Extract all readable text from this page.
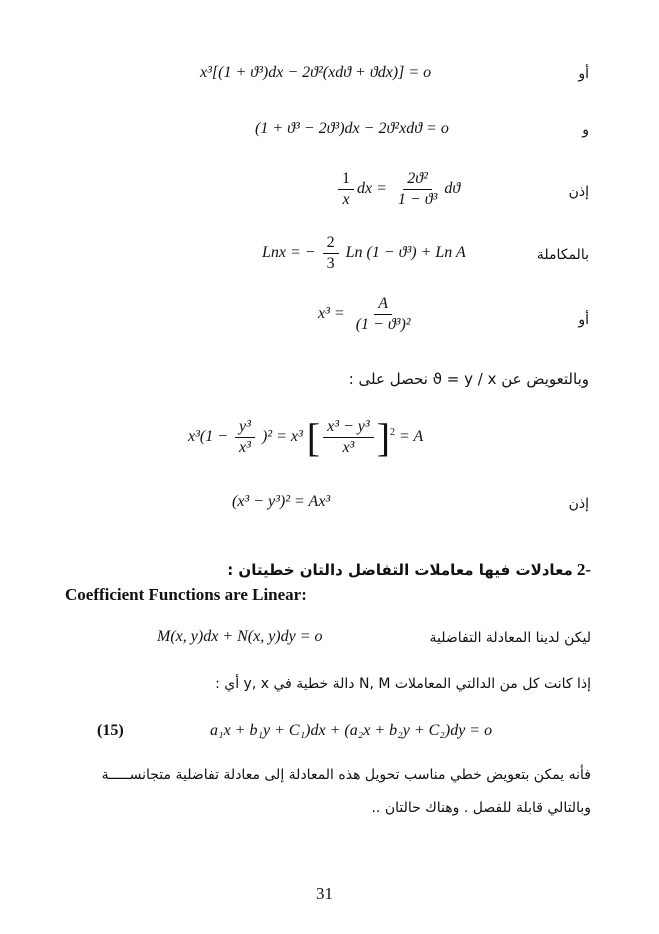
x³[(1 + ϑ³)dx − 2ϑ²(xdϑ + ϑdx)] = o	أو
(1 + ϑ³ − 2ϑ³)dx − 2ϑ²xdϑ = o	و
$\frac{1}{x}$ dx = $\frac{\text{2ϑ²}}{\text{1 − ϑ³}}$ dϑ	إذن
Lnx = − $\frac{2}{3}$ Ln (1 − ϑ³) + Ln A	بالمكاملة
$x^3 = \frac{A}{\text{(1 − ϑ³)²}}$	أو
وبالتعويض عن ϑ = y / x نحصل على :
$x^3(1 - \frac{\text{y³}}{\text{x³}} )^2 = x^3$ [ $\frac{\text{x³ − y³}}{\text{x³}} ]^2 = A$
(x³ − y³)² = Ax³	إذن
-2 معادلات فيها معاملات التفاضل دالتان خطيتان :
Coefficient Functions are Linear:
M(x, y)dx + N(x, y)dy = o	ليكن لدينا المعادلة التفاضلية
إذا كانت كل من الدالتي المعاملات N, M دالة خطية في y, x أي :
(15)	a₁x + b₁y + C₁)dx + (a₂x + b₂y + C₂)dy = o
فأنه يمكن بتعويض خطي مناسب تحويل هذه المعادلة إلى معادلة تفاضلية متجانســـــة
وبالتالي قابلة للفصل . وهناك حالتان ..
31
